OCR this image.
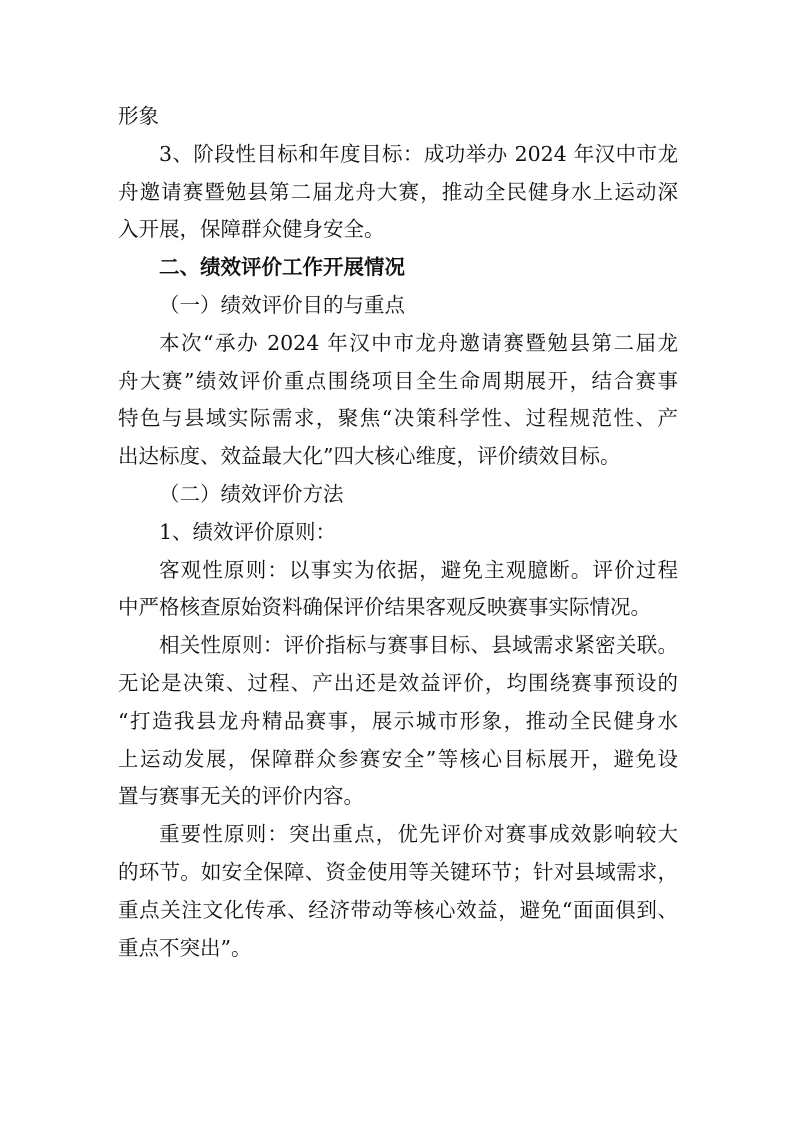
形象
3、阶段性目标和年度目标：成功举办 2024 年汉中市龙
舟邀请赛暨勉县第二届龙舟大赛，推动全民健身水上运动深
入开展，保障群众健身安全。
二、绩效评价工作开展情况
（一）绩效评价目的与重点
本次“承办 2024 年汉中市龙舟邀请赛暨勉县第二届龙
舟大赛”绩效评价重点围绕项目全生命周期展开，结合赛事
特色与县域实际需求，聚焦“决策科学性、过程规范性、产
出达标度、效益最大化”四大核心维度，评价绩效目标。
（二）绩效评价方法
1、绩效评价原则：
客观性原则：以事实为依据，避免主观臆断。评价过程
中严格核查原始资料确保评价结果客观反映赛事实际情况。
相关性原则：评价指标与赛事目标、县域需求紧密关联。
无论是决策、过程、产出还是效益评价，均围绕赛事预设的
“打造我县龙舟精品赛事，展示城市形象，推动全民健身水
上运动发展，保障群众参赛安全”等核心目标展开，避免设
置与赛事无关的评价内容。
重要性原则：突出重点，优先评价对赛事成效影响较大
的环节。如安全保障、资金使用等关键环节；针对县域需求，
重点关注文化传承、经济带动等核心效益，避免“面面俱到、
重点不突出”。
